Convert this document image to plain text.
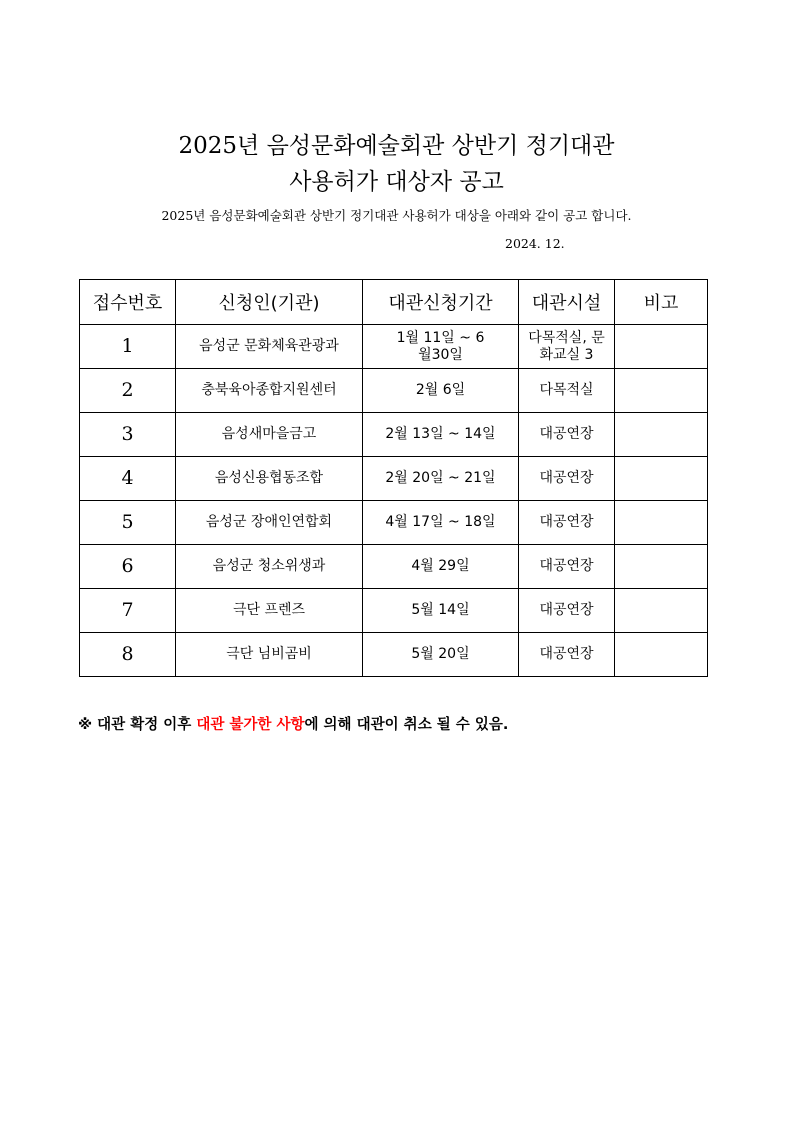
2025년 음성문화예술회관 상반기 정기대관
사용허가 대상자 공고
2025년 음성문화예술회관 상반기 정기대관 사용허가 대상을 아래와 같이 공고 합니다.
2024. 12.
접수번호	신청인(기관)	대관신청기간	대관시설	비고
1	음성군 문화체육관광과	1월 11일 ~ 6월30일	다목적실, 문화교실 3	

2	충북육아종합지원센터	2월 6일	다목적실	
3	음성새마을금고	2월 13일 ~ 14일	대공연장	
4	음성신용협동조합	2월 20일 ~ 21일	대공연장	
5	음성군 장애인연합회	4월 17일 ~ 18일	대공연장	
6	음성군 청소위생과	4월 29일	대공연장	
7	극단 프렌즈	5월 14일	대공연장	
8	극단 님비곰비	5월 20일	대공연장	
※ 대관 확정 이후 대관 불가한 사항에 의해 대관이 취소 될 수 있음.
